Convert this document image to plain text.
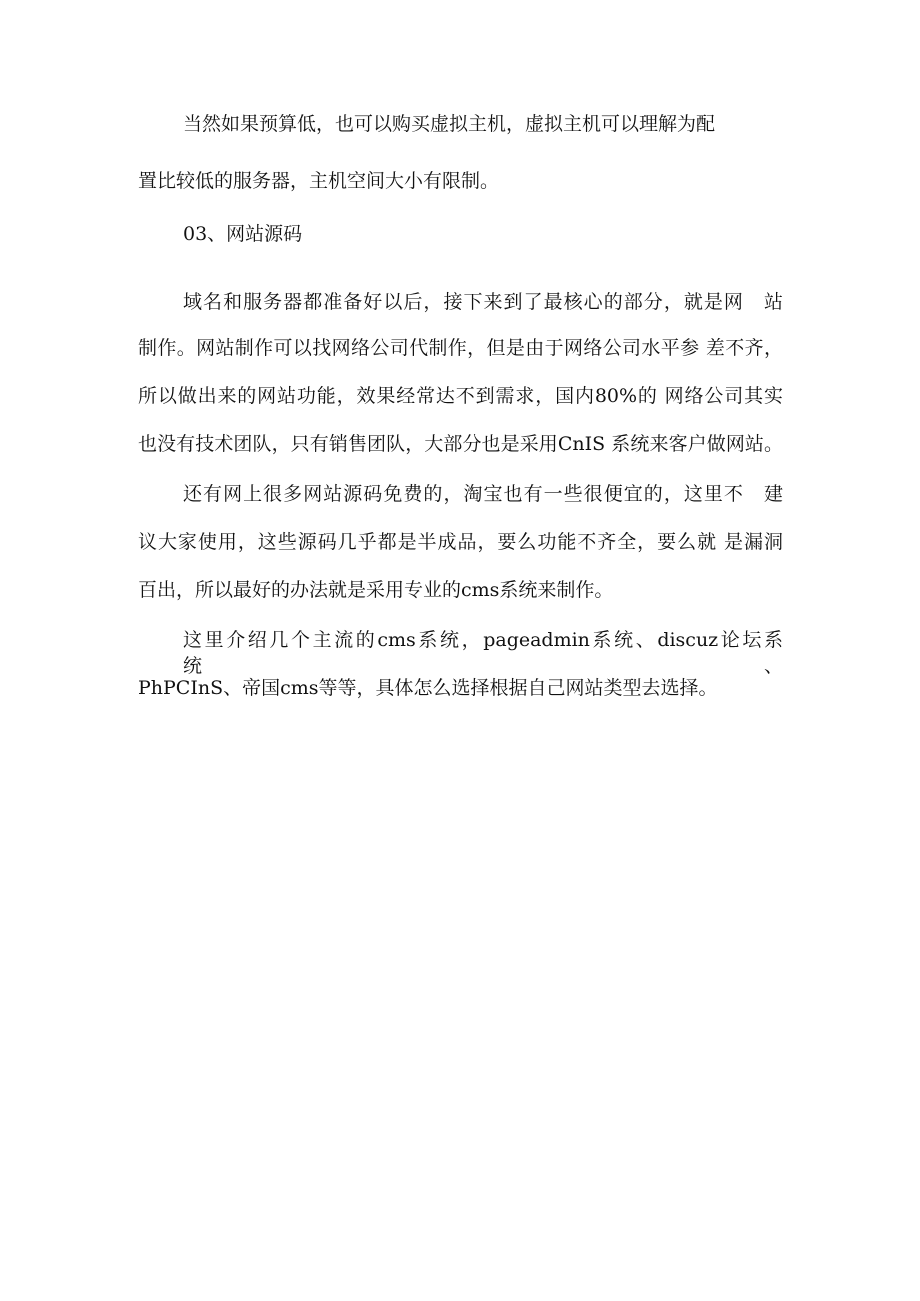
当然如果预算低，也可以购买虚拟主机，虚拟主机可以理解为配
置比较低的服务器，主机空间大小有限制。
03、网站源码
域名和服务器都准备好以后，接下来到了最核心的部分，就是网　站
制作。网站制作可以找网络公司代制作，但是由于网络公司水平参 差不齐，
所以做出来的网站功能，效果经常达不到需求，国内80%的 网络公司其实
也没有技术团队，只有销售团队，大部分也是采用CnIS 系统来客户做网站。
还有网上很多网站源码免费的，淘宝也有一些很便宜的，这里不　建
议大家使用，这些源码几乎都是半成品，要么功能不齐全，要么就 是漏洞
百出，所以最好的办法就是采用专业的cms系统来制作。
这里介绍几个主流的cms系统，pageadmin系统、discuz论坛系　统、
PhPCInS、帝国cms等等，具体怎么选择根据自己网站类型去选择。
